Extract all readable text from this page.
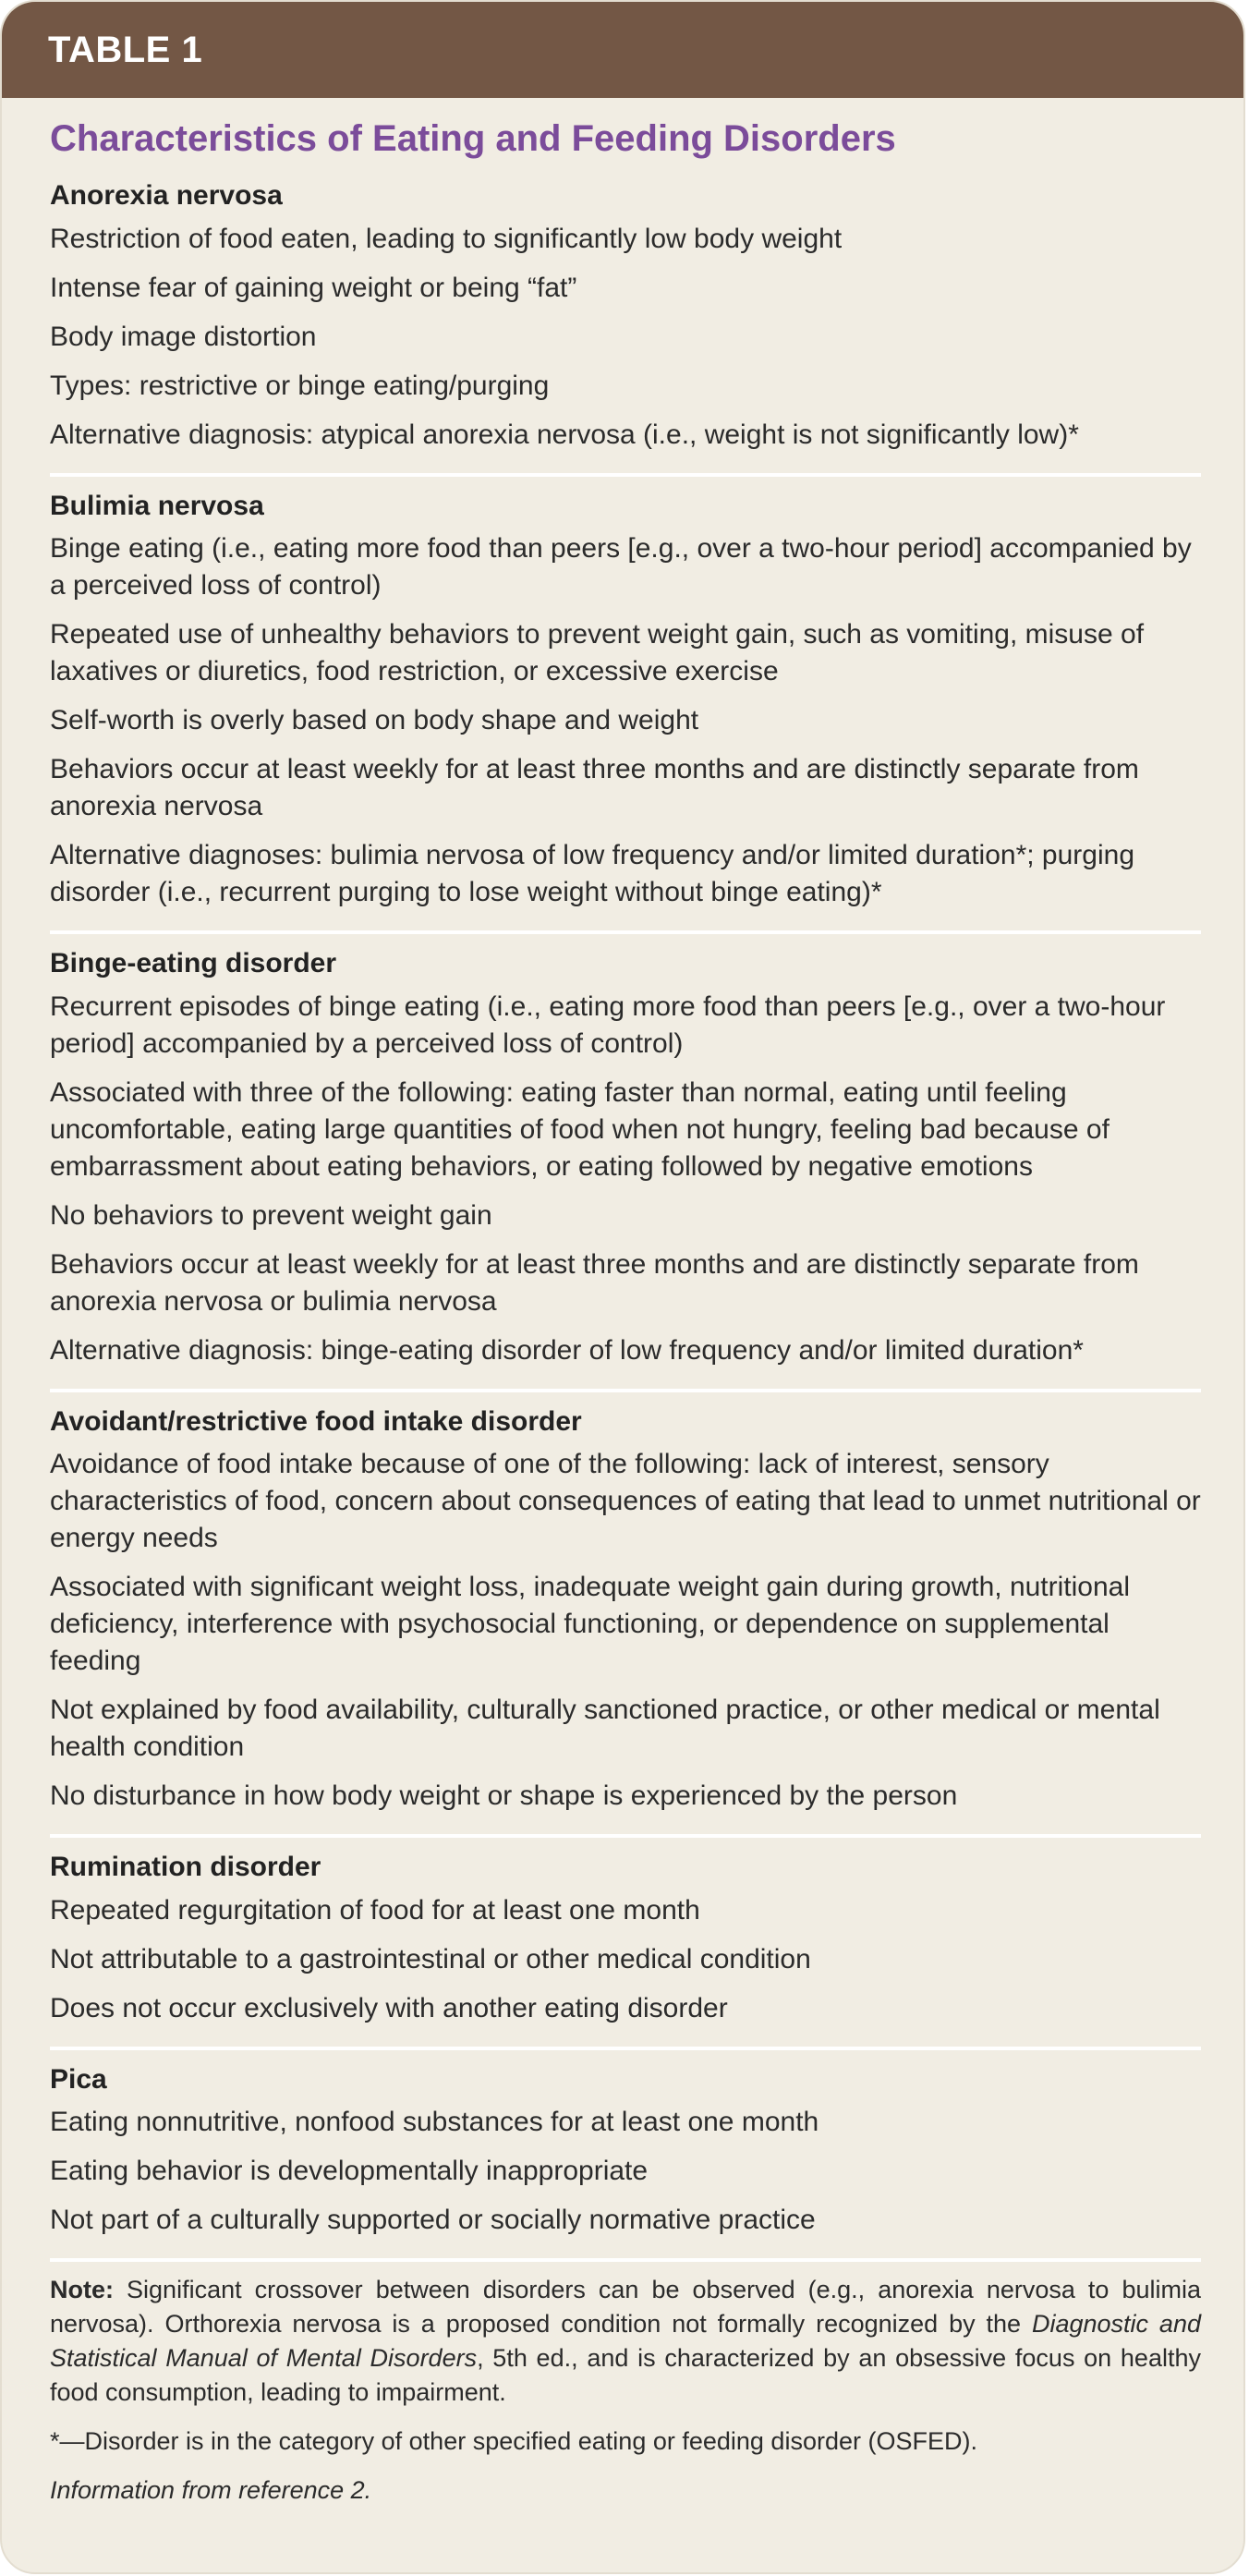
TABLE 1
Characteristics of Eating and Feeding Disorders
Anorexia nervosa
Restriction of food eaten, leading to significantly low body weight
Intense fear of gaining weight or being “fat”
Body image distortion
Types: restrictive or binge eating/purging
Alternative diagnosis: atypical anorexia nervosa (i.e., weight is not significantly low)*
Bulimia nervosa
Binge eating (i.e., eating more food than peers [e.g., over a two-hour period] accompanied by a perceived loss of control)
Repeated use of unhealthy behaviors to prevent weight gain, such as vomiting, misuse of laxatives or diuretics, food restriction, or excessive exercise
Self-worth is overly based on body shape and weight
Behaviors occur at least weekly for at least three months and are distinctly separate from anorexia nervosa
Alternative diagnoses: bulimia nervosa of low frequency and/or limited duration*; purging disorder (i.e., recurrent purging to lose weight without binge eating)*
Binge-eating disorder
Recurrent episodes of binge eating (i.e., eating more food than peers [e.g., over a two-hour period] accompanied by a perceived loss of control)
Associated with three of the following: eating faster than normal, eating until feeling uncomfortable, eating large quantities of food when not hungry, feeling bad because of embarrassment about eating behaviors, or eating followed by negative emotions
No behaviors to prevent weight gain
Behaviors occur at least weekly for at least three months and are distinctly separate from anorexia nervosa or bulimia nervosa
Alternative diagnosis: binge-eating disorder of low frequency and/or limited duration*
Avoidant/restrictive food intake disorder
Avoidance of food intake because of one of the following: lack of interest, sensory characteristics of food, concern about consequences of eating that lead to unmet nutritional or energy needs
Associated with significant weight loss, inadequate weight gain during growth, nutritional deficiency, interference with psychosocial functioning, or dependence on supplemental feeding
Not explained by food availability, culturally sanctioned practice, or other medical or mental health condition
No disturbance in how body weight or shape is experienced by the person
Rumination disorder
Repeated regurgitation of food for at least one month
Not attributable to a gastrointestinal or other medical condition
Does not occur exclusively with another eating disorder
Pica
Eating nonnutritive, nonfood substances for at least one month
Eating behavior is developmentally inappropriate
Not part of a culturally supported or socially normative practice
Note: Significant crossover between disorders can be observed (e.g., anorexia nervosa to bulimia nervosa). Orthorexia nervosa is a proposed condition not formally recognized by the Diagnostic and Statistical Manual of Mental Disorders, 5th ed., and is characterized by an obsessive focus on healthy food consumption, leading to impairment.
*—Disorder is in the category of other specified eating or feeding disorder (OSFED).
Information from reference 2.
